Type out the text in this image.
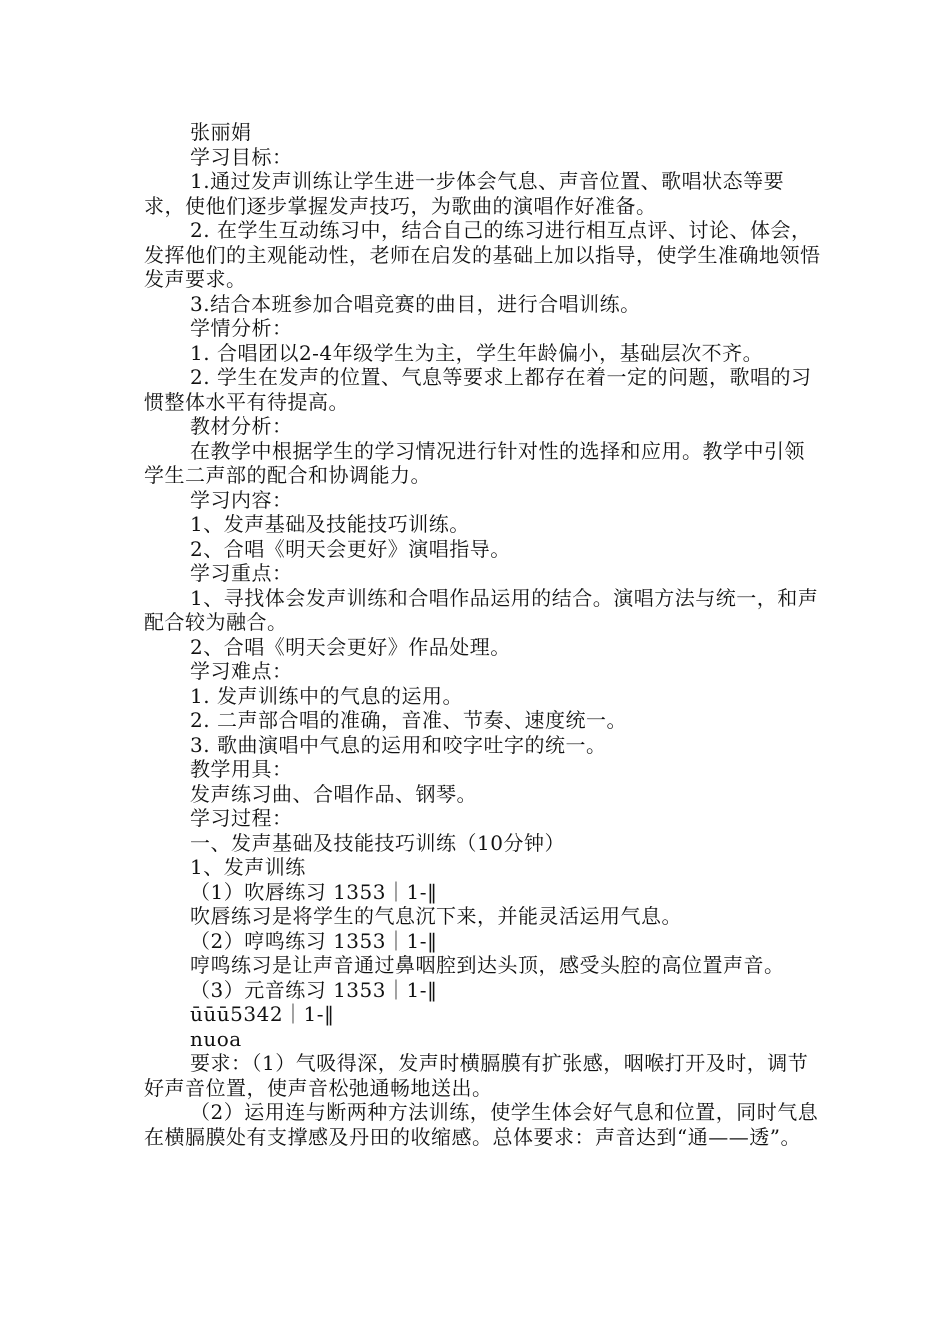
张丽娟

学习目标：

1.通过发声训练让学生进一步体会气息、声音位置、歌唱状态等要求，使他们逐步掌握发声技巧，为歌曲的演唱作好准备。

2. 在学生互动练习中，结合自己的练习进行相互点评、讨论、体会，发挥他们的主观能动性，老师在启发的基础上加以指导，使学生准确地领悟发声要求。

3.结合本班参加合唱竞赛的曲目，进行合唱训练。

学情分析：

1. 合唱团以2-4年级学生为主，学生年龄偏小，基础层次不齐。

2. 学生在发声的位置、气息等要求上都存在着一定的问题，歌唱的习惯整体水平有待提高。

教材分析：

在教学中根据学生的学习情况进行针对性的选择和应用。教学中引领学生二声部的配合和协调能力。

学习内容：

1、发声基础及技能技巧训练。

2、合唱《明天会更好》演唱指导。

学习重点：

1、寻找体会发声训练和合唱作品运用的结合。演唱方法与统一，和声配合较为融合。

2、合唱《明天会更好》作品处理。

学习难点：

1. 发声训练中的气息的运用。

2. 二声部合唱的准确，音准、节奏、速度统一。

3. 歌曲演唱中气息的运用和咬字吐字的统一。

教学用具：

发声练习曲、合唱作品、钢琴。

学习过程：

一、发声基础及技能技巧训练（10分钟）

1、发声训练

（1）吹唇练习 1353｜1-‖

吹唇练习是将学生的气息沉下来，并能灵活运用气息。

（2）哼鸣练习 1353｜1-‖

哼鸣练习是让声音通过鼻咽腔到达头顶，感受头腔的高位置声音。

（3）元音练习 1353｜1-‖

ūūū5342｜1-‖

nuoa

要求：（1）气吸得深，发声时横膈膜有扩张感，咽喉打开及时，调节好声音位置，使声音松弛通畅地送出。

（2）运用连与断两种方法训练，使学生体会好气息和位置，同时气息在横膈膜处有支撑感及丹田的收缩感。总体要求：声音达到“通——透”。
